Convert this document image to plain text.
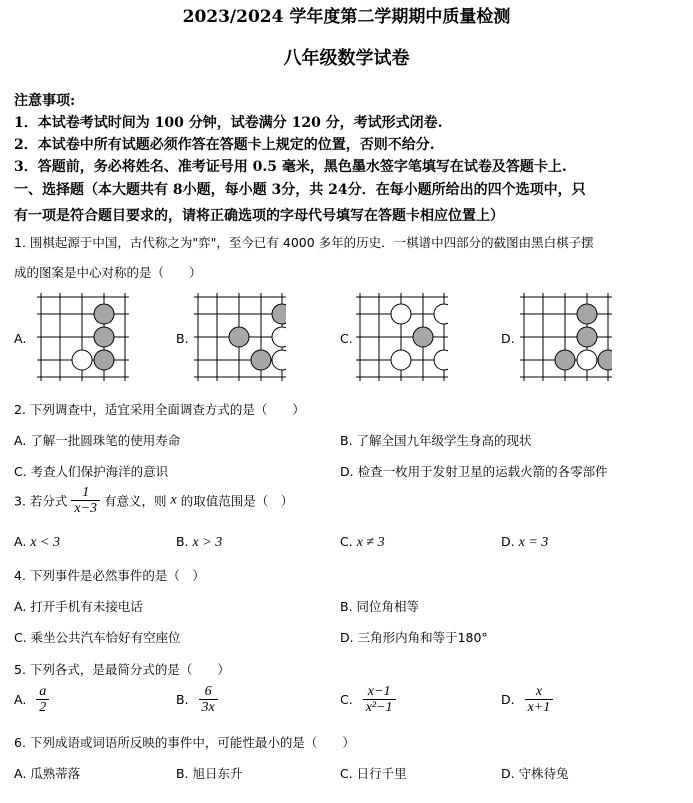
2023/2024 学年度第二学期期中质量检测
八年级数学试卷
注意事项:
1．本试卷考试时间为 100 分钟，试卷满分 120 分，考试形式闭卷.
2．本试卷中所有试题必须作答在答题卡上规定的位置，否则不给分.
3．答题前，务必将姓名、准考证号用 0.5 毫米，黑色墨水签字笔填写在试卷及答题卡上.
一、选择题（本大题共有 8小题，每小题 3分，共 24分．在每小题所给出的四个选项中，只
有一项是符合题目要求的，请将正确选项的字母代号填写在答题卡相应位置上）
1. 围棋起源于中国，古代称之为"弈"，至今已有 4000 多年的历史．一棋谱中四部分的截图由黑白棋子摆
成的图案是中心对称的是（　　）
A.	B.	C.	D.
2. 下列调查中，适宜采用全面调查方式的是（　　）
A. 了解一批圆珠笔的使用寿命	B. 了解全国九年级学生身高的现状
C. 考查人们保护海洋的意识	D. 检查一枚用于发射卫星的运载火箭的各零部件
3. 若分式 $\frac{1}{x-3}$ 有意义，则 x 的取值范围是（　）
A. x < 3	B. x > 3	C. x ≠ 3	D. x = 3
4. 下列事件是必然事件的是（　）
A. 打开手机有未接电话	B. 同位角相等
C. 乘坐公共汽车恰好有空座位	D. 三角形内角和等于180°
5. 下列各式，是最简分式的是（　　）
A. $\frac{a}{2}$	B. $\frac{6}{3x}$	C. $\frac{x-1}{\text{x²−1}}$	D. $\frac{x}{x+1}$
6. 下列成语或词语所反映的事件中，可能性最小的是（　　）
A. 瓜熟蒂落	B. 旭日东升	C. 日行千里	D. 守株待兔
